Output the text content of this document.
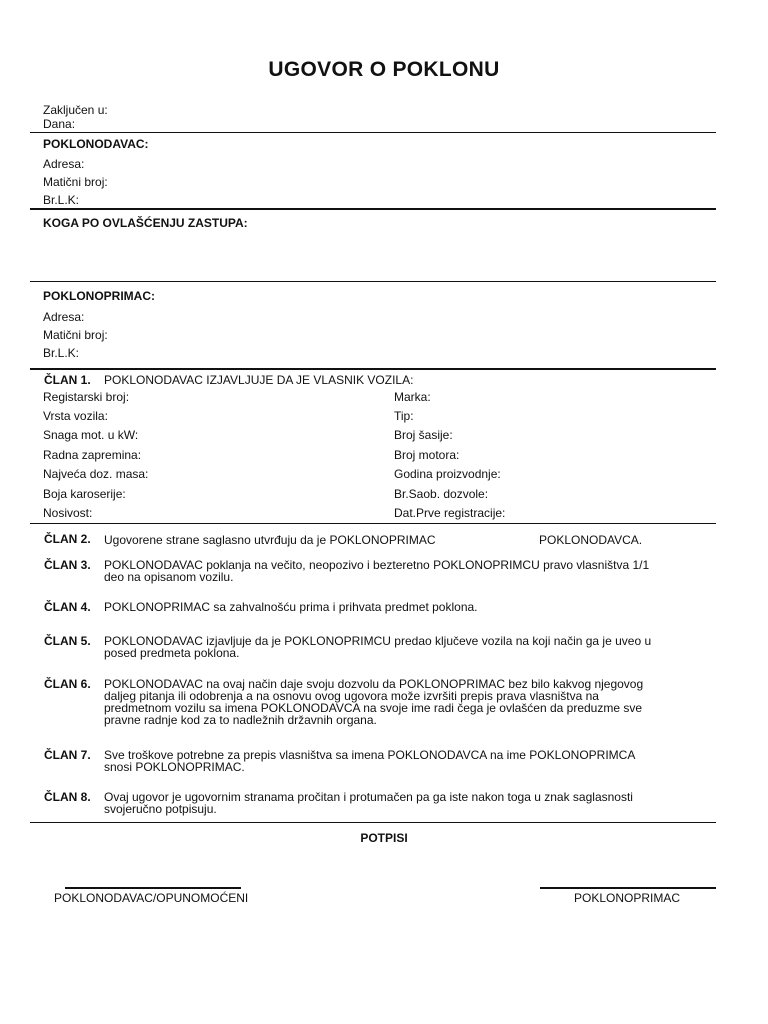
UGOVOR O POKLONU
Zaključen u:
Dana:
POKLONODAVAC:
Adresa:
Matični broj:
Br.L.K:
KOGA PO OVLAŠĆENJU ZASTUPA:
POKLONOPRIMAC:
Adresa:
Matični broj:
Br.L.K:
ČLAN 1. POKLONODAVAC IZJAVLJUJE DA JE VLASNIK VOZILA:
Registarski broj:
Vrsta vozila:
Snaga mot. u kW:
Radna zapremina:
Najveća doz. masa:
Boja karoserije:
Nosivost:
Marka:
Tip:
Broj šasije:
Broj motora:
Godina proizvodnje:
Br.Saob. dozvole:
Dat.Prve registracije:
ČLAN 2. Ugovorene strane saglasno utvrđuju da je POKLONOPRIMAC	POKLONODAVCA.
ČLAN 3. POKLONODAVAC poklanja na večito, neopozivo i bezteretno POKLONOPRIMCU pravo vlasništva 1/1
deo na opisanom vozilu.
ČLAN 4. POKLONOPRIMAC sa zahvalnošću prima i prihvata predmet poklona.
ČLAN 5. POKLONODAVAC izjavljuje da je POKLONOPRIMCU predao ključeve vozila na koji način ga je uveo u
posed predmeta poklona.
ČLAN 6. POKLONODAVAC na ovaj način daje svoju dozvolu da POKLONOPRIMAC bez bilo kakvog njegovog
daljeg pitanja ili odobrenja a na osnovu ovog ugovora može izvršiti prepis prava vlasništva na
predmetnom vozilu sa imena POKLONODAVCA na svoje ime radi čega je ovlašćen da preduzme sve
pravne radnje kod za to nadležnih državnih organa.
ČLAN 7. Sve troškove potrebne za prepis vlasništva sa imena POKLONODAVCA na ime POKLONOPRIMCA
snosi POKLONOPRIMAC.
ČLAN 8. Ovaj ugovor je ugovornim stranama pročitan i protumačen pa ga iste nakon toga u znak saglasnosti
svojeručno potpisuju.
POTPISI
POKLONODAVAC/OPUNOMOĆENI	POKLONOPRIMAC
